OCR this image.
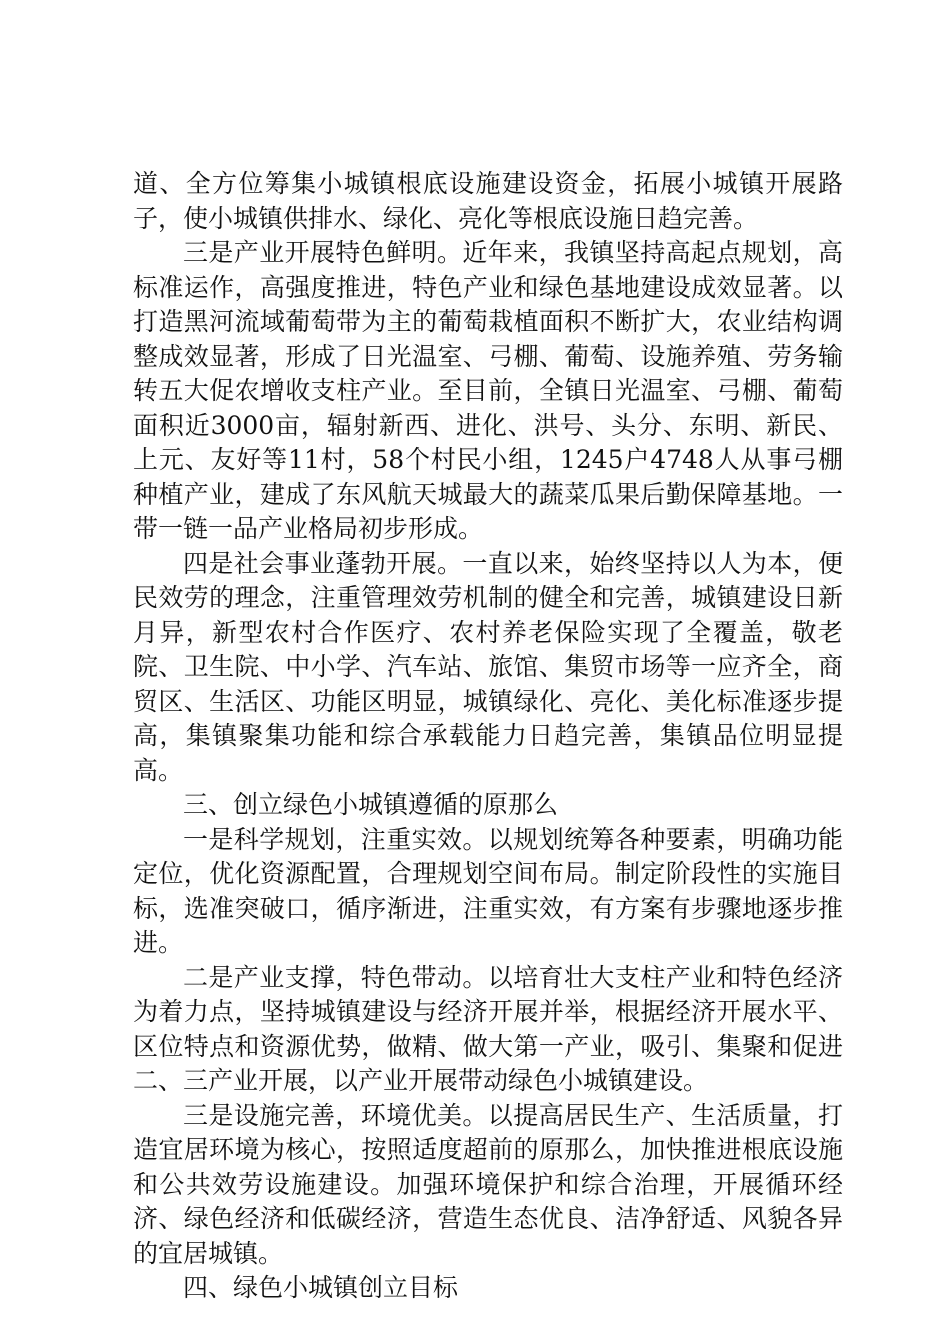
道、全方位筹集小城镇根底设施建设资金，拓展小城镇开展路子，使小城镇供排水、绿化、亮化等根底设施日趋完善。

三是产业开展特色鲜明。近年来，我镇坚持高起点规划，高标准运作，高强度推进，特色产业和绿色基地建设成效显著。以打造黑河流域葡萄带为主的葡萄栽植面积不断扩大，农业结构调整成效显著，形成了日光温室、弓棚、葡萄、设施养殖、劳务输转五大促农增收支柱产业。至目前，全镇日光温室、弓棚、葡萄面积近3000亩，辐射新西、进化、洪号、头分、东明、新民、上元、友好等11村，58个村民小组，1245户4748人从事弓棚种植产业，建成了东风航天城最大的蔬菜瓜果后勤保障基地。一带一链一品产业格局初步形成。

四是社会事业蓬勃开展。一直以来，始终坚持以人为本，便民效劳的理念，注重管理效劳机制的健全和完善，城镇建设日新月异，新型农村合作医疗、农村养老保险实现了全覆盖，敬老院、卫生院、中小学、汽车站、旅馆、集贸市场等一应齐全，商贸区、生活区、功能区明显，城镇绿化、亮化、美化标准逐步提高，集镇聚集功能和综合承载能力日趋完善，集镇品位明显提高。

三、创立绿色小城镇遵循的原那么

一是科学规划，注重实效。以规划统筹各种要素，明确功能定位，优化资源配置，合理规划空间布局。制定阶段性的实施目标，选准突破口，循序渐进，注重实效，有方案有步骤地逐步推进。

二是产业支撑，特色带动。以培育壮大支柱产业和特色经济为着力点，坚持城镇建设与经济开展并举，根据经济开展水平、区位特点和资源优势，做精、做大第一产业，吸引、集聚和促进二、三产业开展，以产业开展带动绿色小城镇建设。

三是设施完善，环境优美。以提高居民生产、生活质量，打造宜居环境为核心，按照适度超前的原那么，加快推进根底设施和公共效劳设施建设。加强环境保护和综合治理，开展循环经济、绿色经济和低碳经济，营造生态优良、洁净舒适、风貌各异的宜居城镇。

四、绿色小城镇创立目标
